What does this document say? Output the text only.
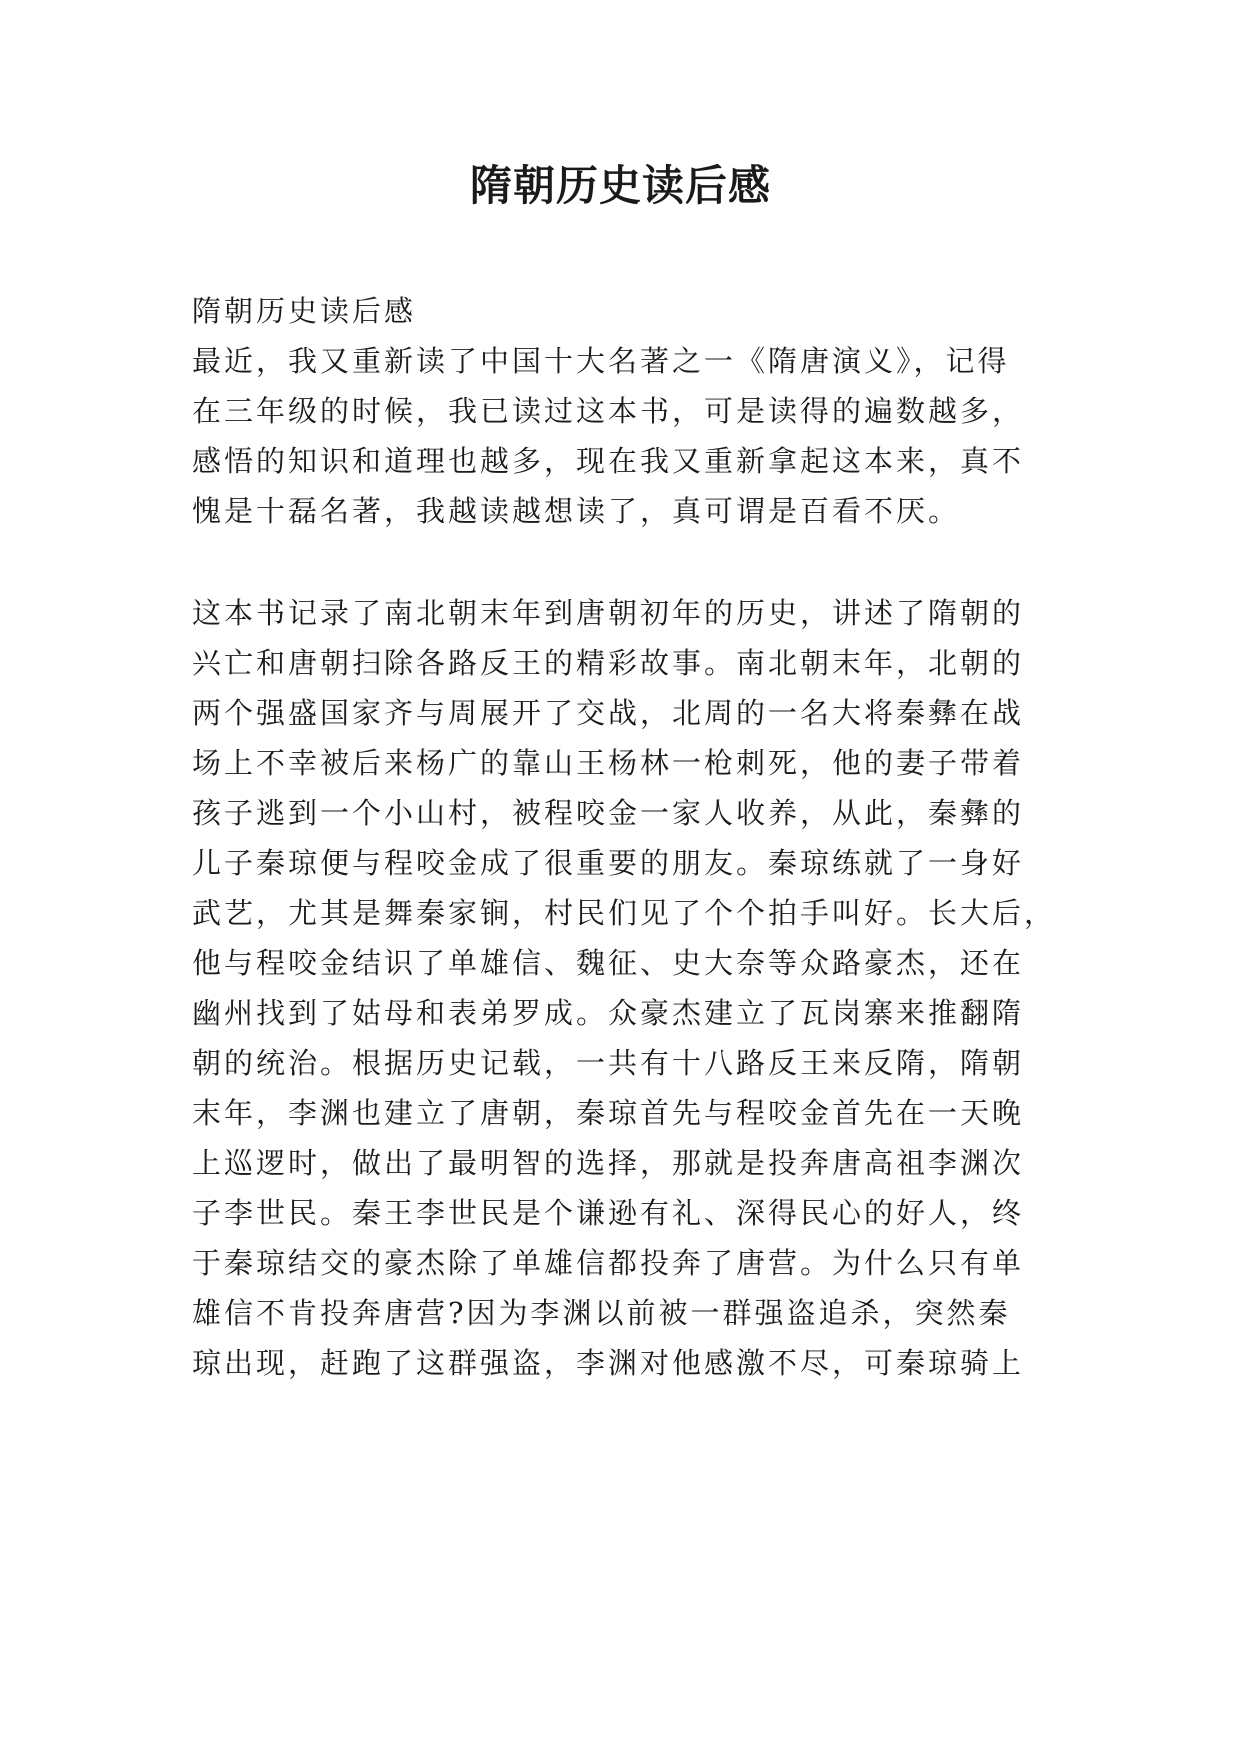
隋朝历史读后感
隋朝历史读后感
最近，我又重新读了中国十大名著之一《隋唐演义》，记得
在三年级的时候，我已读过这本书，可是读得的遍数越多，
感悟的知识和道理也越多，现在我又重新拿起这本来，真不
愧是十磊名著，我越读越想读了，真可谓是百看不厌。
这本书记录了南北朝末年到唐朝初年的历史，讲述了隋朝的
兴亡和唐朝扫除各路反王的精彩故事。南北朝末年，北朝的
两个强盛国家齐与周展开了交战，北周的一名大将秦彝在战
场上不幸被后来杨广的靠山王杨林一枪刺死，他的妻子带着
孩子逃到一个小山村，被程咬金一家人收养，从此，秦彝的
儿子秦琼便与程咬金成了很重要的朋友。秦琼练就了一身好
武艺，尤其是舞秦家锏，村民们见了个个拍手叫好。长大后，
他与程咬金结识了单雄信、魏征、史大奈等众路豪杰，还在
幽州找到了姑母和表弟罗成。众豪杰建立了瓦岗寨来推翻隋
朝的统治。根据历史记载，一共有十八路反王来反隋，隋朝
末年，李渊也建立了唐朝，秦琼首先与程咬金首先在一天晚
上巡逻时，做出了最明智的选择，那就是投奔唐高祖李渊次
子李世民。秦王李世民是个谦逊有礼、深得民心的好人，终
于秦琼结交的豪杰除了单雄信都投奔了唐营。为什么只有单
雄信不肯投奔唐营?因为李渊以前被一群强盗追杀，突然秦
琼出现，赶跑了这群强盗，李渊对他感激不尽，可秦琼骑上
